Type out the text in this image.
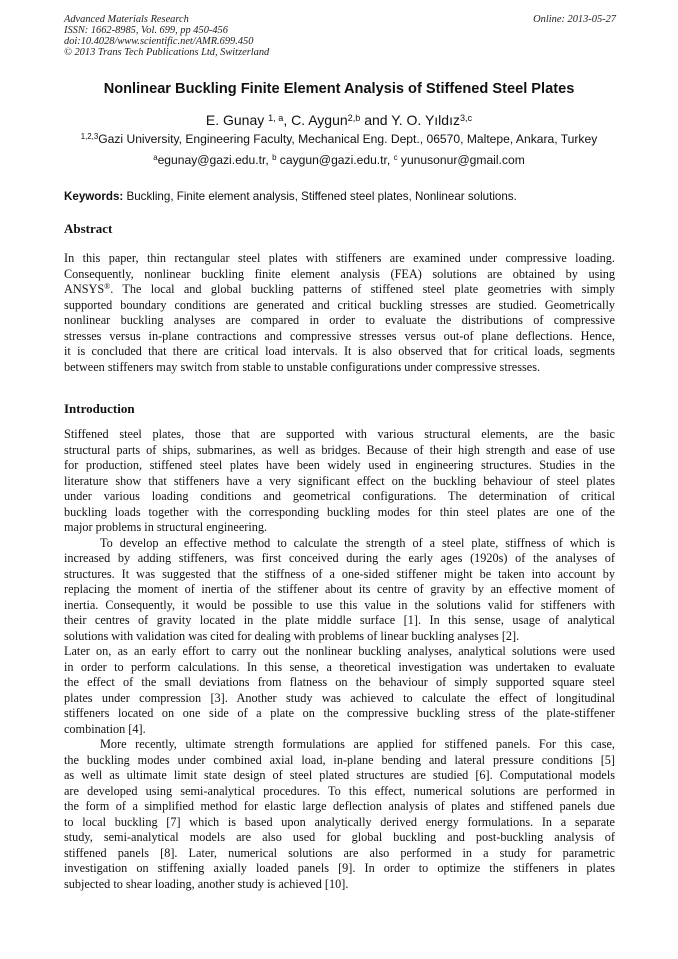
Advanced Materials Research
ISSN: 1662-8985, Vol. 699, pp 450-456
doi:10.4028/www.scientific.net/AMR.699.450
© 2013 Trans Tech Publications Ltd, Switzerland
Online: 2013-05-27
Nonlinear Buckling Finite Element Analysis of Stiffened Steel Plates
E. Gunay $^{1, a}$, C. Aygun$^{2,b}$ and Y. O. Yıldız$^{3,c}$
$^{1,2,3}$Gazi University, Engineering Faculty, Mechanical Eng. Dept., 06570, Maltepe, Ankara, Turkey
$^a$egunay@gazi.edu.tr, $^b$ caygun@gazi.edu.tr, $^c$ yunusonur@gmail.com
Keywords: Buckling, Finite element analysis, Stiffened steel plates, Nonlinear solutions.
Abstract
In this paper, thin rectangular steel plates with stiffeners are examined under compressive loading.
Consequently, nonlinear buckling finite element analysis (FEA) solutions are obtained by using
ANSYS®. The local and global buckling patterns of stiffened steel plate geometries with simply
supported boundary conditions are generated and critical buckling stresses are studied. Geometrically
nonlinear buckling analyses are compared in order to evaluate the distributions of compressive
stresses versus in-plane contractions and compressive stresses versus out-of plane deflections. Hence,
it is concluded that there are critical load intervals. It is also observed that for critical loads, segments
between stiffeners may switch from stable to unstable configurations under compressive stresses.
Introduction
Stiffened steel plates, those that are supported with various structural elements, are the basic
structural parts of ships, submarines, as well as bridges. Because of their high strength and ease of use
for production, stiffened steel plates have been widely used in engineering structures. Studies in the
literature show that stiffeners have a very significant effect on the buckling behaviour of steel plates
under various loading conditions and geometrical configurations. The determination of critical
buckling loads together with the corresponding buckling modes for thin steel plates are one of the
major problems in structural engineering.
To develop an effective method to calculate the strength of a steel plate, stiffness of which is
increased by adding stiffeners, was first conceived during the early ages (1920s) of the analyses of
structures. It was suggested that the stiffness of a one-sided stiffener might be taken into account by
replacing the moment of inertia of the stiffener about its centre of gravity by an effective moment of
inertia. Consequently, it would be possible to use this value in the solutions valid for stiffeners with
their centres of gravity located in the plate middle surface [1]. In this sense, usage of analytical
solutions with validation was cited for dealing with problems of linear buckling analyses [2].
Later on, as an early effort to carry out the nonlinear buckling analyses, analytical solutions were used
in order to perform calculations. In this sense, a theoretical investigation was undertaken to evaluate
the effect of the small deviations from flatness on the behaviour of simply supported square steel
plates under compression [3]. Another study was achieved to calculate the effect of longitudinal
stiffeners located on one side of a plate on the compressive buckling stress of the plate-stiffener
combination [4].
More recently, ultimate strength formulations are applied for stiffened panels. For this case,
the buckling modes under combined axial load, in-plane bending and lateral pressure conditions [5]
as well as ultimate limit state design of steel plated structures are studied [6]. Computational models
are developed using semi-analytical procedures. To this effect, numerical solutions are performed in
the form of a simplified method for elastic large deflection analysis of plates and stiffened panels due
to local buckling [7] which is based upon analytically derived energy formulations. In a separate
study, semi-analytical models are also used for global buckling and post-buckling analysis of
stiffened panels [8]. Later, numerical solutions are also performed in a study for parametric
investigation on stiffening axially loaded panels [9]. In order to optimize the stiffeners in plates
subjected to shear loading, another study is achieved [10].
